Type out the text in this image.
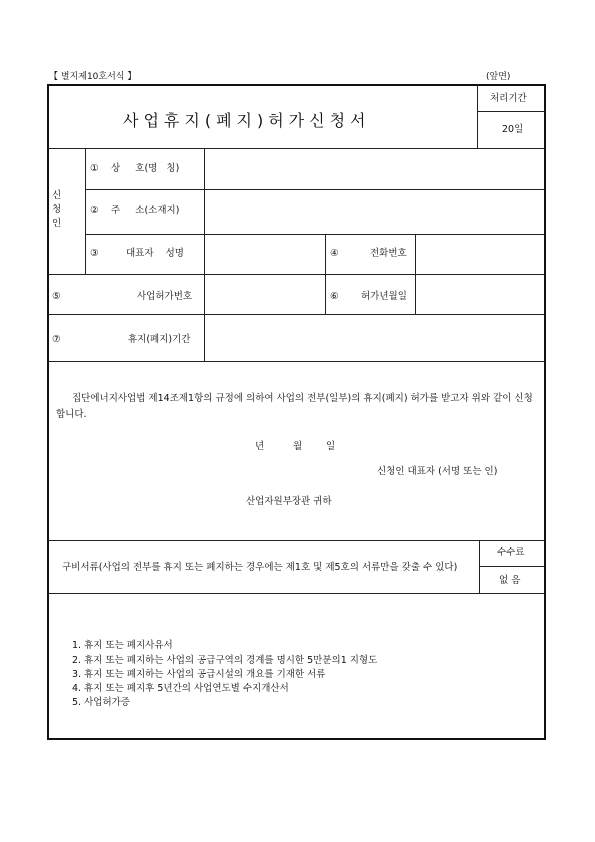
【 별지제10호서식 】	(앞면)
사업휴지(폐지)허가신청서
처리기간
20일
신
청
인
① 상     호(명   칭)
② 주     소(소재지)
③	대표자    성명	④	전화번호
⑤	사업허가번호	⑥ 허가년월일
⑦	휴지(폐지)기간
집단에너지사업법 제14조제1항의 규정에 의하여 사업의 전부(일부)의 휴지(폐지) 허가를 받고자 위와 같이 신청합니다.
년	월	일
신청인 대표자 (서명 또는 인)
산업자원부장관 귀하
구비서류(사업의 전부를 휴지 또는 폐지하는 경우에는 제1호 및 제5호의 서류만을 갖출 수 있다)
수수료
없 음
1. 휴지 또는 폐지사유서
2. 휴지 또는 폐지하는 사업의 공급구역의 경계를 명시한 5만분의1 지형도
3. 휴지 또는 폐지하는 사업의 공급시설의 개요를 기재한 서류
4. 휴지 또는 폐지후 5년간의 사업연도별 수지개산서
5. 사업허가증
